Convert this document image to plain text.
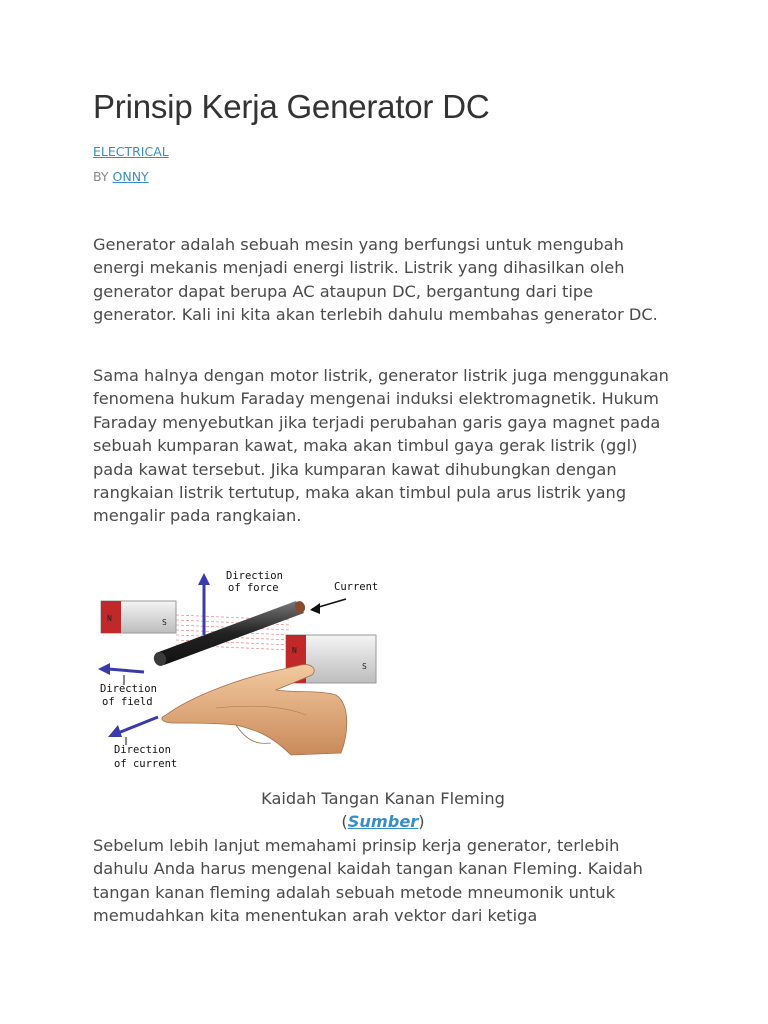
Prinsip Kerja Generator DC
ELECTRICAL
BY ONNY

Generator adalah sebuah mesin yang berfungsi untuk mengubah energi mekanis menjadi energi listrik. Listrik yang dihasilkan oleh generator dapat berupa AC ataupun DC, bergantung dari tipe generator. Kali ini kita akan terlebih dahulu membahas generator DC.

Sama halnya dengan motor listrik, generator listrik juga menggunakan fenomena hukum Faraday mengenai induksi elektromagnetik. Hukum Faraday menyebutkan jika terjadi perubahan garis gaya magnet pada sebuah kumparan kawat, maka akan timbul gaya gerak listrik (ggl) pada kawat tersebut. Jika kumparan kawat dihubungkan dengan rangkaian listrik tertutup, maka akan timbul pula arus listrik yang mengalir pada rangkaian.

N	S
N
S
Direction
of force	Current
Direction
of field
Direction
of current
Kaidah Tangan Kanan Fleming
(Sumber)

Sebelum lebih lanjut memahami prinsip kerja generator, terlebih dahulu Anda harus mengenal kaidah tangan kanan Fleming. Kaidah tangan kanan fleming adalah sebuah metode mneumonik untuk memudahkan kita menentukan arah vektor dari ketiga
